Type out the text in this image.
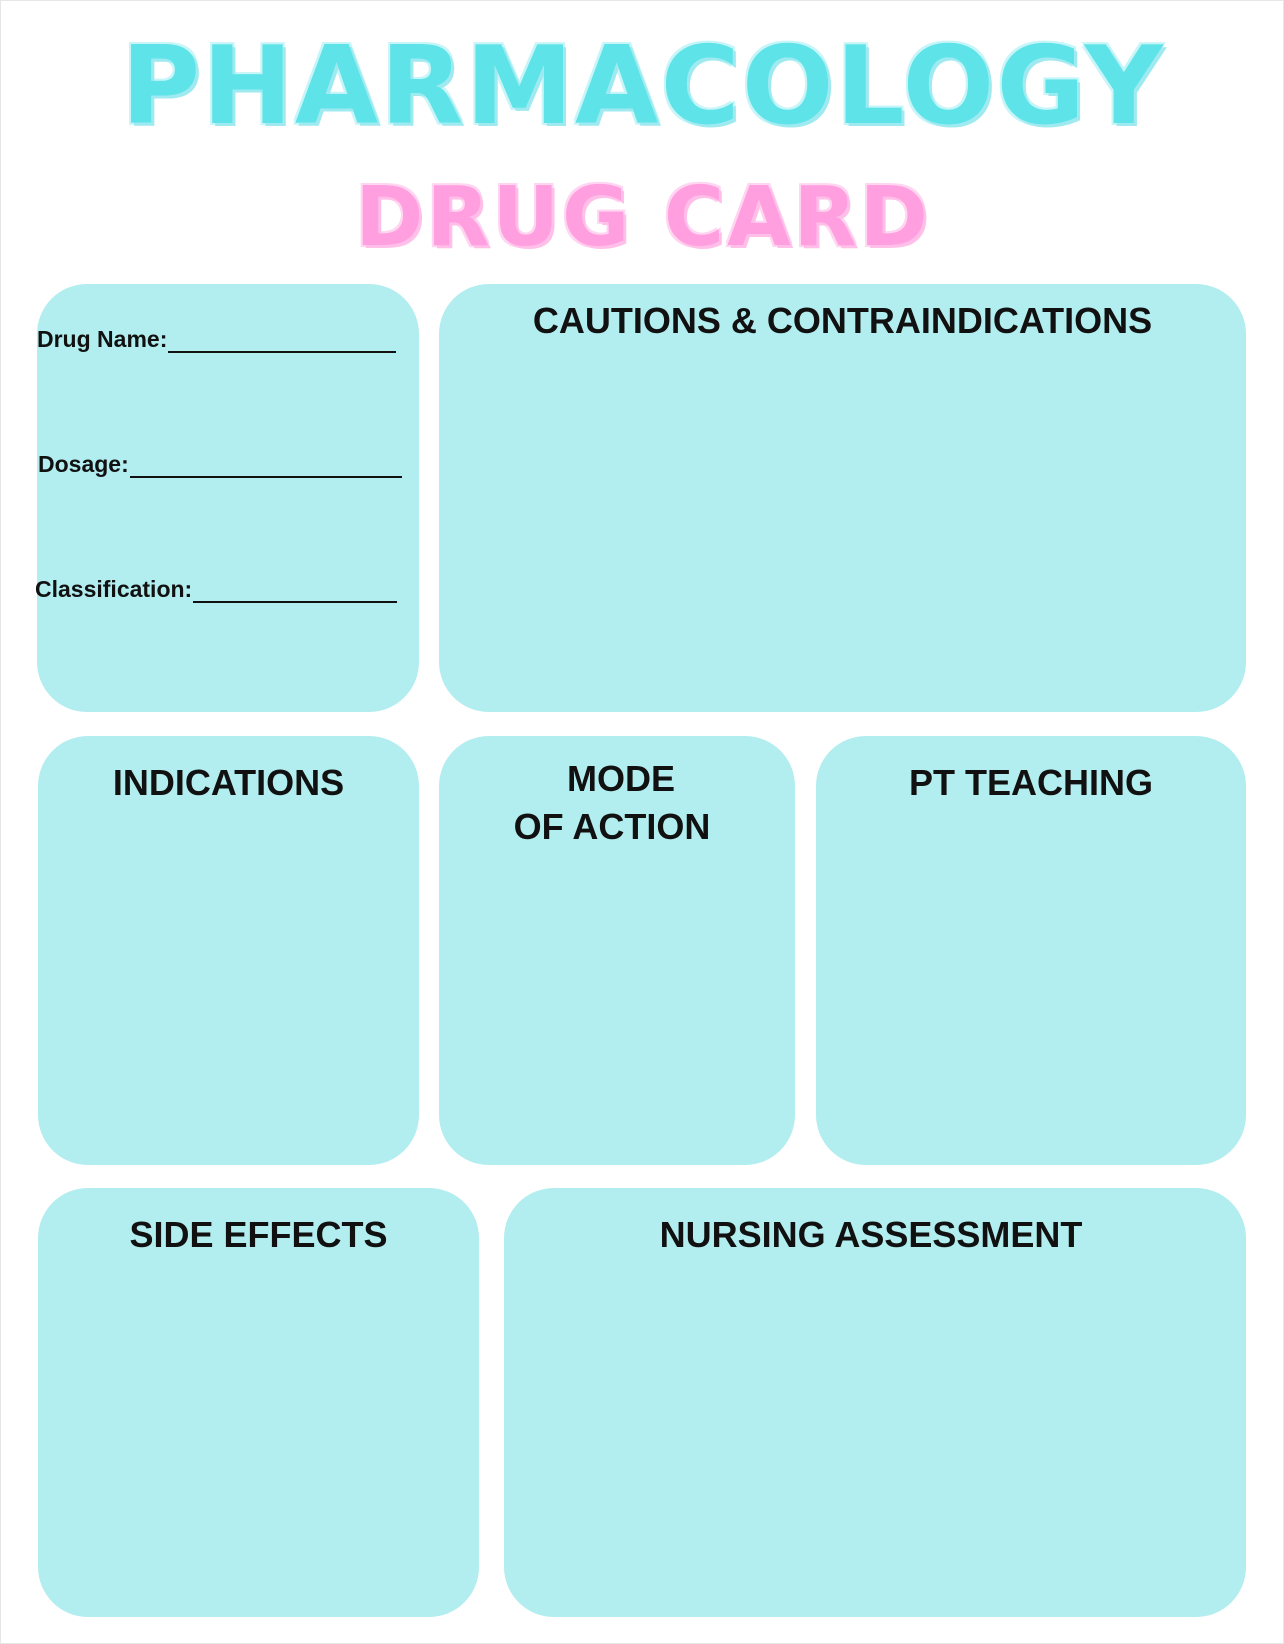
PHARMACOLOGY
DRUG CARD
Drug Name:
Dosage:
Classification:

CAUTIONS & CONTRAINDICATIONS

INDICATIONS	MODE

OF ACTION

PT TEACHING

SIDE EFFECTS	NURSING ASSESSMENT
